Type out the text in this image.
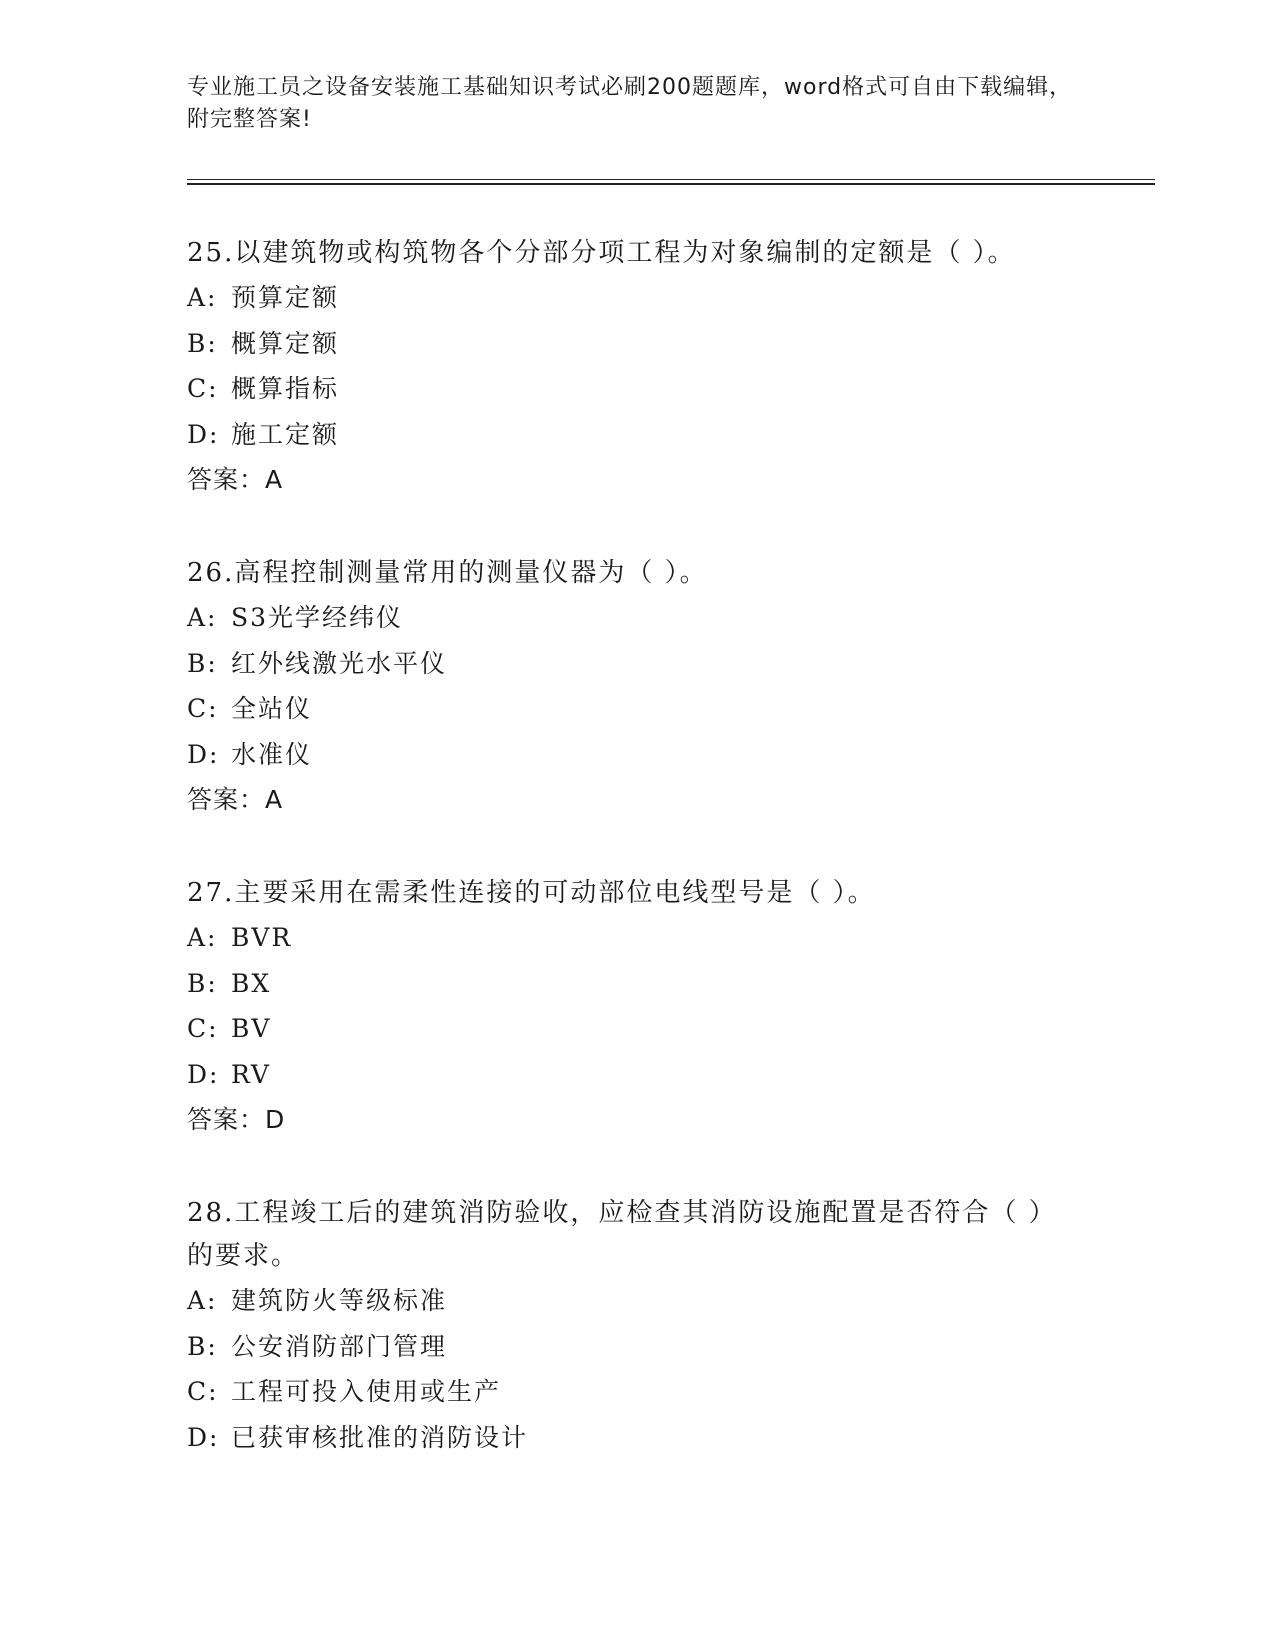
专业施工员之设备安装施工基础知识考试必刷200题题库，word格式可自由下载编辑，附完整答案!

25.以建筑物或构筑物各个分部分项工程为对象编制的定额是（ ）。

A: 预算定额

B: 概算定额

C: 概算指标

D: 施工定额

答案：A

26.高程控制测量常用的测量仪器为（ ）。

A: S3光学经纬仪

B: 红外线激光水平仪

C: 全站仪

D: 水准仪

答案：A

27.主要采用在需柔性连接的可动部位电线型号是（ ）。

A: BVR

B: BX

C: BV

D: RV

答案：D

28.工程竣工后的建筑消防验收，应检查其消防设施配置是否符合（ ）的要求。

A: 建筑防火等级标准

B: 公安消防部门管理

C: 工程可投入使用或生产

D: 已获审核批准的消防设计
